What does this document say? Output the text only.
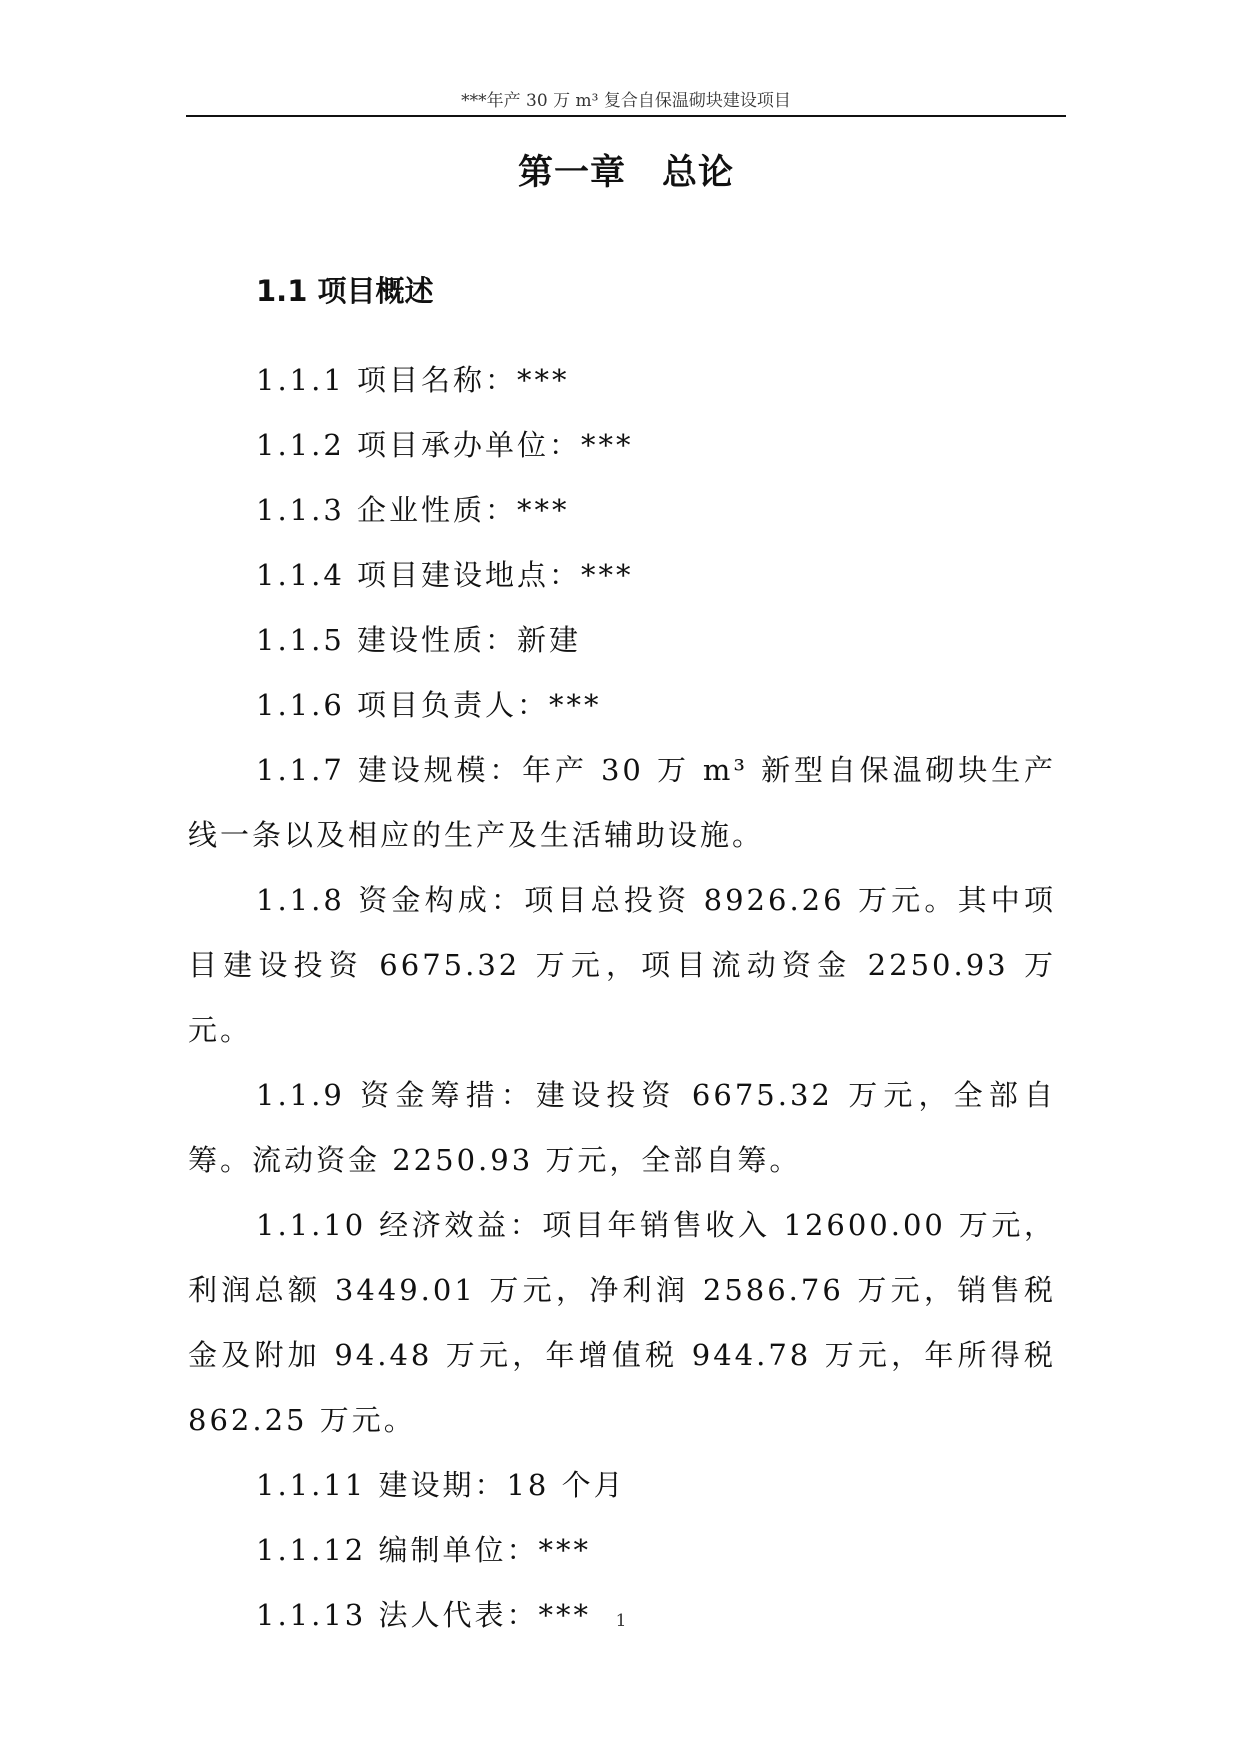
***年产 30 万 m³ 复合自保温砌块建设项目
第一章 总论
1.1 项目概述

1.1.1 项目名称：***

1.1.2 项目承办单位：***

1.1.3 企业性质：***

1.1.4 项目建设地点：***

1.1.5 建设性质：新建

1.1.6 项目负责人：***

1.1.7 建设规模：年产 30 万 m³ 新型自保温砌块生产线一条以及相应的生产及生活辅助设施。

1.1.8 资金构成：项目总投资 8926.26 万元。其中项目建设投资 6675.32 万元，项目流动资金 2250.93 万元。

1.1.9 资金筹措：建设投资 6675.32 万元，全部自筹。流动资金 2250.93 万元，全部自筹。

1.1.10 经济效益：项目年销售收入 12600.00 万元，利润总额 3449.01 万元，净利润 2586.76 万元，销售税金及附加 94.48 万元，年增值税 944.78 万元，年所得税 862.25 万元。

1.1.11 建设期：18 个月

1.1.12 编制单位：***

1.1.13 法人代表：***	1
